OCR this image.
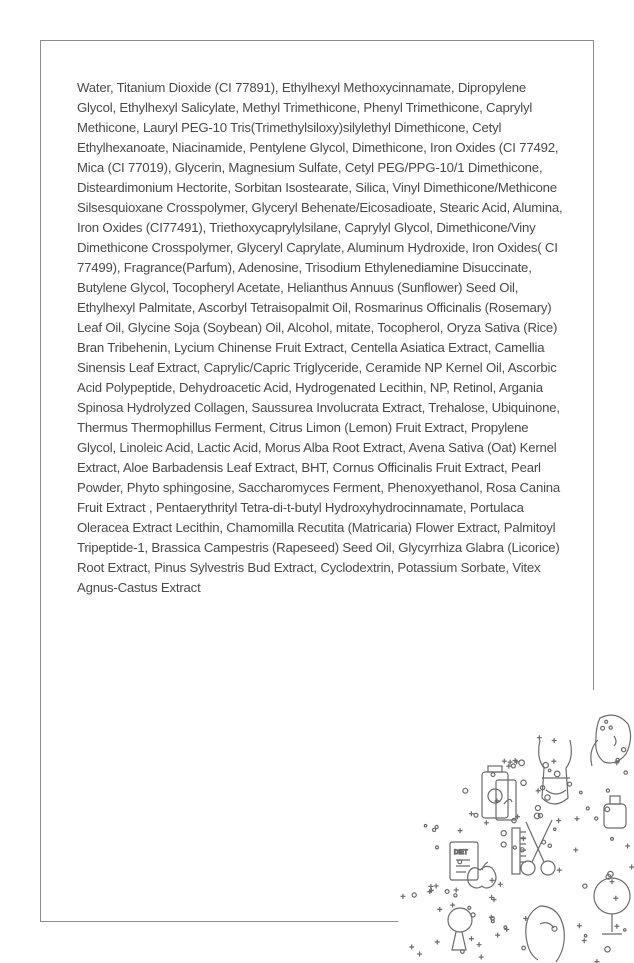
Water, Titanium Dioxide (CI 77891), Ethylhexyl Methoxycinnamate, Dipropylene Glycol, Ethylhexyl Salicylate, Methyl Trimethicone, Phenyl Trimethicone, Caprylyl Methicone, Lauryl PEG-10 Tris(Trimethylsiloxy)silylethyl Dimethicone, Cetyl Ethylhexanoate, Niacinamide, Pentylene Glycol, Dimethicone, Iron Oxides (CI 77492, Mica (CI 77019), Glycerin, Magnesium Sulfate, Cetyl PEG/PPG-10/1 Dimethicone, Disteardimonium Hectorite, Sorbitan Isostearate, Silica, Vinyl Dimethicone/Methicone Silsesquioxane Crosspolymer, Glyceryl Behenate/Eicosadioate, Stearic Acid, Alumina, Iron Oxides (CI77491), Triethoxycaprylylsilane, Caprylyl Glycol, Dimethicone/Viny Dimethicone Crosspolymer, Glyceryl Caprylate, Aluminum Hydroxide, Iron Oxides( CI 77499), Fragrance(Parfum), Adenosine, Trisodium Ethylenediamine Disuccinate, Butylene Glycol, Tocopheryl Acetate, Helianthus Annuus (Sunflower) Seed Oil, Ethylhexyl Palmitate, Ascorbyl Tetraisopalmit Oil, Rosmarinus Officinalis (Rosemary) Leaf Oil, Glycine Soja (Soybean) Oil, Alcohol, mitate, Tocopherol, Oryza Sativa (Rice) Bran Tribehenin, Lycium Chinense Fruit Extract, Centella Asiatica Extract, Camellia Sinensis Leaf Extract, Caprylic/Capric Triglyceride, Ceramide NP Kernel Oil, Ascorbic Acid Polypeptide, Dehydroacetic Acid, Hydrogenated Lecithin, NP, Retinol, Argania Spinosa Hydrolyzed Collagen, Saussurea Involucrata Extract, Trehalose, Ubiquinone, Thermus Thermophillus Ferment, Citrus Limon (Lemon) Fruit Extract, Propylene Glycol, Linoleic Acid, Lactic Acid, Morus Alba Root Extract, Avena Sativa (Oat) Kernel Extract, Aloe Barbadensis Leaf Extract, BHT, Cornus Officinalis Fruit Extract, Pearl Powder, Phyto sphingosine, Saccharomyces Ferment, Phenoxyethanol, Rosa Canina Fruit Extract , Pentaerythrityl Tetra-di-t-butyl Hydroxyhydrocinnamate, Portulaca Oleracea Extract Lecithin, Chamomilla Recutita (Matricaria) Flower Extract, Palmitoyl Tripeptide-1, Brassica Campestris (Rapeseed) Seed Oil, Glycyrrhiza Glabra (Licorice) Root Extract, Pinus Sylvestris Bud Extract, Cyclodextrin, Potassium Sorbate, Vitex Agnus-Castus Extract

DIET
